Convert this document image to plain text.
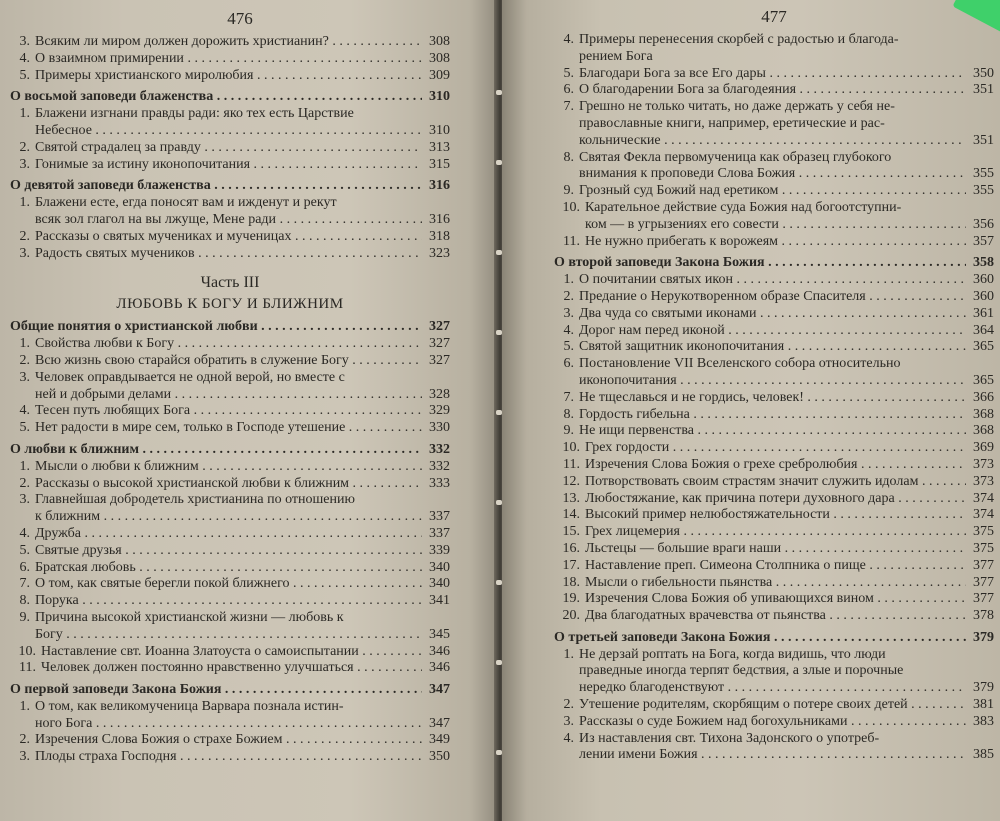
476
3. Всяким ли миром должен дорожить христианин? . . .	308
4. О взаимном примирении . . .	308
5. Примеры христианского миролюбия . . .	309
О восьмой заповеди блаженства . . .	310
1. Блажени изгнани правды ради: яко тех есть Царствие
Небесное . . .	310
2. Святой страдалец за правду . . .	313
3. Гонимые за истину иконопочитания . . .	315
О девятой заповеди блаженства . . .	316
1. Блажени есте, егда поносят вам и ижденут и рекут
всяк зол глагол на вы лжуще, Мене ради . . .	316
2. Рассказы о святых мучениках и мученицах . . .	318
3. Радость святых мучеников . . .	323
Часть III
ЛЮБОВЬ К БОГУ И БЛИЖНИМ
Общие понятия о христианской любви . . .	327
1. Свойства любви к Богу . . .	327
2. Всю жизнь свою старайся обратить в служение Богу . . .	327
3. Человек оправдывается не одной верой, но вместе с
ней и добрыми делами . . .	328
4. Тесен путь любящих Бога . . .	329
5. Нет радости в мире сем, только в Господе утешение . . .	330
О любви к ближним . . .	332
1. Мысли о любви к ближним . . .	332
2. Рассказы о высокой христианской любви к ближним . . .	333
3. Главнейшая добродетель христианина по отношению
к ближним . . .	337
4. Дружба . . .	337
5. Святые друзья . . .	339
6. Братская любовь . . .	340
7. О том, как святые берегли покой ближнего . . .	340
8. Порука . . .	341
9. Причина высокой христианской жизни — любовь к
Богу . . .	345
10. Наставление свт. Иоанна Златоуста о самоиспытании . . .	346
11. Человек должен постоянно нравственно улучшаться . . .	346
О первой заповеди Закона Божия . . .	347
1. О том, как великомученица Варвара познала истин-
ного Бога . . .	347
2. Изречения Слова Божия о страхе Божием . . .	349
3. Плоды страха Господня . . .	350
477
4. Примеры перенесения скорбей с радостью и благода-
рением Бога
5. Благодари Бога за все Его дары . . .	350
6. О благодарении Бога за благодеяния . . .	351
7. Грешно не только читать, но даже держать у себя не-
православные книги, например, еретические и рас-
кольнические . . .	351
8. Святая Фекла первомученица как образец глубокого
внимания к проповеди Слова Божия . . .	355
9. Грозный суд Божий над еретиком . . .	355
10. Карательное действие суда Божия над богоотступни-
ком — в угрызениях его совести . . .	356
11. Не нужно прибегать к ворожеям . . .	357
О второй заповеди Закона Божия . . .	358
1. О почитании святых икон . . .	360
2. Предание о Нерукотворенном образе Спасителя . . .	360
3. Два чуда со святыми иконами . . .	361
4. Дорог нам перед иконой . . .	364
5. Святой защитник иконопочитания . . .	365
6. Постановление VII Вселенского собора относительно
иконопочитания . . .	365
7. Не тщеславься и не гордись, человек! . . .	366
8. Гордость гибельна . . .	368
9. Не ищи первенства . . .	368
10. Грех гордости . . .	369
11. Изречения Слова Божия о грехе сребролюбия . . .	373
12. Потворствовать своим страстям значит служить идолам . . .	373
13. Любостяжание, как причина потери духовного дара . . .	374
14. Высокий пример нелюбостяжательности . . .	374
15. Грех лицемерия . . .	375
16. Льстецы — большие враги наши . . .	375
17. Наставление преп. Симеона Столпника о пище . . .	377
18. Мысли о гибельности пьянства . . .	377
19. Изречения Слова Божия об упивающихся вином . . .	377
20. Два благодатных врачевства от пьянства . . .	378
О третьей заповеди Закона Божия . . .	379
1. Не дерзай роптать на Бога, когда видишь, что люди
праведные иногда терпят бедствия, а злые и порочные
нередко благоденствуют . . .	379
2. Утешение родителям, скорбящим о потере своих детей . . .	381
3. Рассказы о суде Божием над богохульниками . . .	383
4. Из наставления свт. Тихона Задонского о употреб-
лении имени Божия . . .	385
